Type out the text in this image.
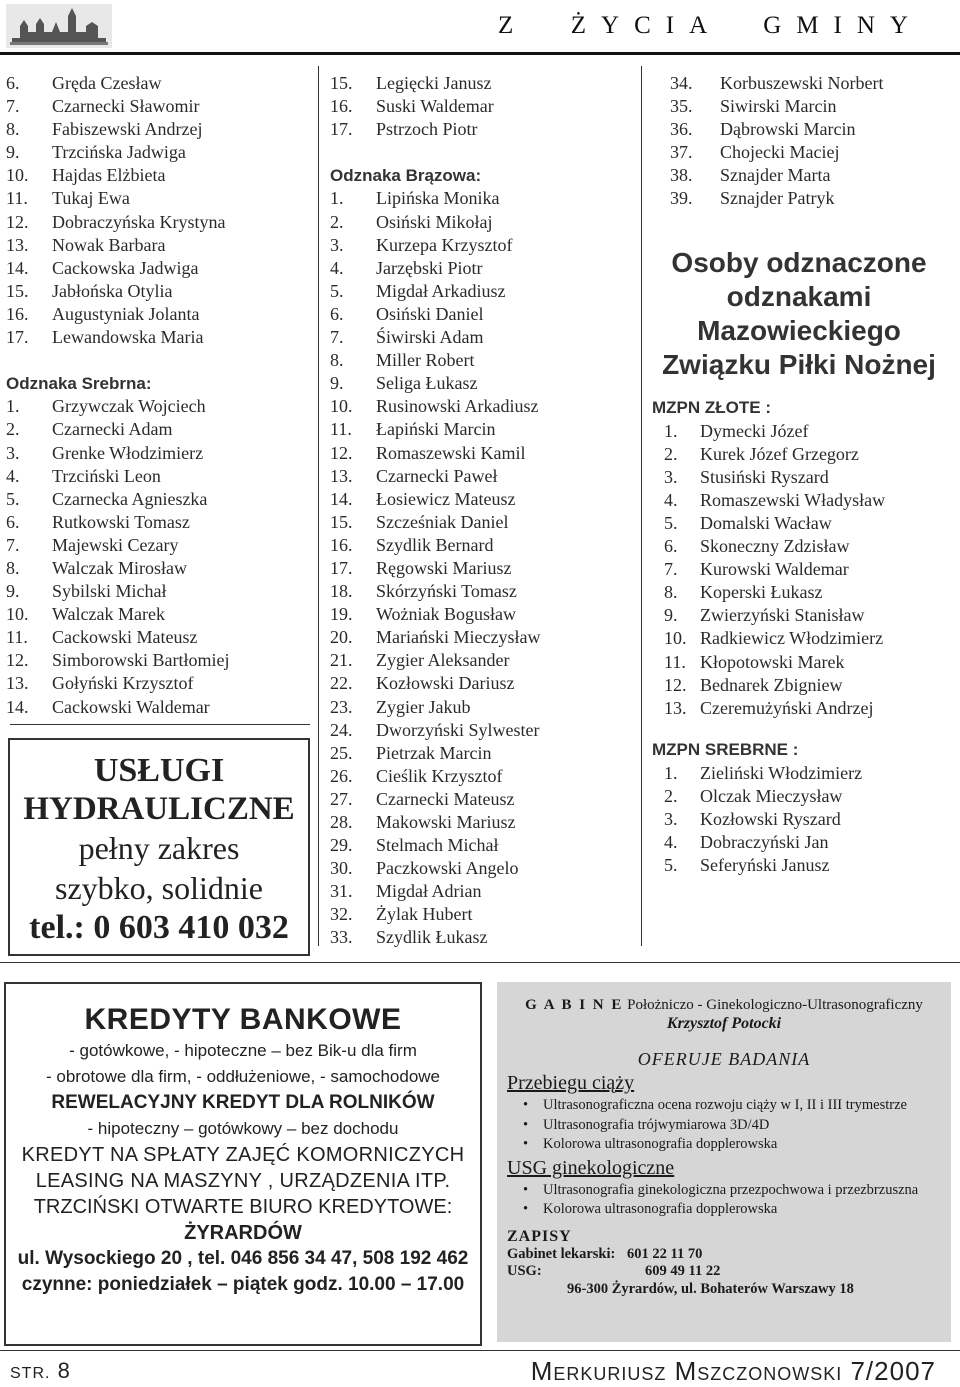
Z  ŻYCIA  GMINY
6.	Gręda Czesław
7.	Czarnecki Sławomir
8.	Fabiszewski Andrzej
9.	Trzcińska Jadwiga
10.	Hajdas Elżbieta
11.	Tukaj Ewa
12.	Dobraczyńska Krystyna
13.	Nowak Barbara
14.	Cackowska Jadwiga
15.	Jabłońska Otylia
16.	Augustyniak Jolanta
17.	Lewandowska Maria
Odznaka Srebrna:
1.	Grzywczak Wojciech
2.	Czarnecki Adam
3.	Grenke Włodzimierz
4.	Trzciński Leon
5.	Czarnecka Agnieszka
6.	Rutkowski Tomasz
7.	Majewski Cezary
8.	Walczak Mirosław
9.	Sybilski Michał
10.	Walczak Marek
11.	Cackowski Mateusz
12.	Simborowski Bartłomiej
13.	Gołyński Krzysztof
14.	Cackowski Waldemar
15.	Legięcki Janusz
16.	Suski Waldemar
17.	Pstrzoch Piotr
Odznaka Brązowa:
1.	Lipińska Monika
2.	Osiński Mikołaj
3.	Kurzepa Krzysztof
4.	Jarzębski Piotr
5.	Migdał Arkadiusz
6.	Osiński Daniel
7.	Śiwirski Adam
8.	Miller Robert
9.	Seliga Łukasz
10.	Rusinowski Arkadiusz
11.	Łapiński Marcin
12.	Romaszewski Kamil
13.	Czarnecki Paweł
14.	Łosiewicz Mateusz
15.	Szcześniak Daniel
16.	Szydlik Bernard
17.	Ręgowski Mariusz
18.	Skórzyński Tomasz
19.	Wożniak Bogusław
20.	Mariański Mieczysław
21.	Zygier Aleksander
22.	Kozłowski Dariusz
23.	Zygier Jakub
24.	Dworzyński Sylwester
25.	Pietrzak Marcin
26.	Cieślik Krzysztof
27.	Czarnecki Mateusz
28.	Makowski Mariusz
29.	Stelmach Michał
30.	Paczkowski Angelo
31.	Migdał Adrian
32.	Żylak Hubert
33.	Szydlik Łukasz
34.	Korbuszewski Norbert
35.	Siwirski Marcin
36.	Dąbrowski Marcin
37.	Chojecki Maciej
38.	Sznajder Marta
39.	Sznajder Patryk
Osoby odznaczone
odznakami
Mazowieckiego
Związku Piłki Nożnej
MZPN ZŁOTE :
1.	Dymecki Józef
2.	Kurek Józef Grzegorz
3.	Stusiński Ryszard
4.	Romaszewski Władysław
5.	Domalski Wacław
6.	Skoneczny Zdzisław
7.	Kurowski Waldemar
8.	Koperski Łukasz
9.	Zwierzyński Stanisław
10. Radkiewicz Włodzimierz
11. Kłopotowski Marek
12. Bednarek Zbigniew
13. Czeremużyński Andrzej
MZPN SREBRNE :
1.	Zieliński Włodzimierz
2.	Olczak Mieczysław
3.	Kozłowski Ryszard
4.	Dobraczyński Jan
5.	Seferyński Janusz
USŁUGI
HYDRAULICZNE
pełny zakres
szybko, solidnie
tel.: 0 603 410 032
KREDYTY BANKOWE
- gotówkowe, - hipoteczne – bez Bik-u dla firm
- obrotowe dla firm, - oddłużeniowe, - samochodowe
REWELACYJNY KREDYT DLA ROLNIKÓW
- hipoteczny – gotówkowy – bez dochodu
KREDYT NA SPŁATY ZAJĘĆ KOMORNICZYCH
LEASING NA MASZYNY , URZĄDZENIA ITP.
TRZCIŃSKI OTWARTE BIURO KREDYTOWE:
ŻYRARDÓW
ul. Wysockiego 20 , tel. 046 856 34 47, 508 192 462
czynne: poniedziałek – piątek godz. 10.00 – 17.00
G A B I N E Położniczo - Ginekologiczno-Ultrasonograficzny
Krzysztof Potocki
OFERUJE BADANIA
Przebiegu ciąży
• Ultrasonograficzna ocena rozwoju ciąży w I, II i III trymestrze
• Ultrasonografia trójwymiarowa 3D/4D
• Kolorowa ultrasonografia dopplerowska
USG ginekologiczne
• Ultrasonografia ginekologiczna przezpochwowa i przezbrzuszna
• Kolorowa ultrasonografia dopplerowska
ZAPISY
Gabinet lekarski: 601 22 11 70
USG:	609 49 11 22
96-300 Żyrardów, ul. Bohaterów Warszawy 18
STR. 8	Merkuriusz Mszczonowski 7/2007
